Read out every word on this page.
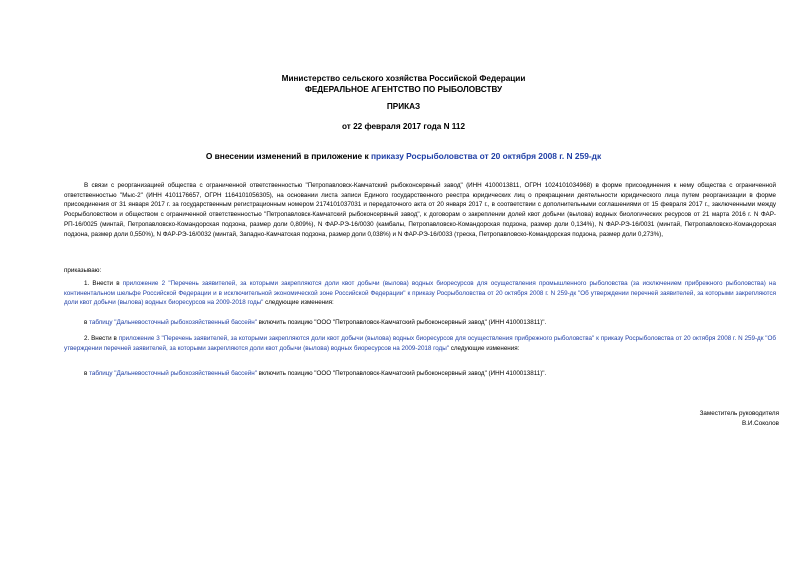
Министерство сельского хозяйства Российской Федерации
ФЕДЕРАЛЬНОЕ АГЕНТСТВО ПО РЫБОЛОВСТВУ
ПРИКАЗ
от 22 февраля 2017 года N 112
О внесении изменений в приложение к приказу Росрыболовства от 20 октября 2008 г. N 259-дк
В связи с реорганизацией общества с ограниченной ответственностью "Петропавловск-Камчатский рыбоконсервный завод" (ИНН 4100013811, ОГРН 1024101034968) в форме присоединения к нему общества с ограниченной ответственностью "Мыс-2" (ИНН 4101176657, ОГРН 1164101056305), на основании листа записи Единого государственного реестра юридических лиц о прекращении деятельности юридического лица путем реорганизации в форме присоединения от 31 января 2017 г. за государственным регистрационным номером 2174101037031 и передаточного акта от 20 января 2017 г., в соответствии с дополнительными соглашениями от 15 февраля 2017 г., заключенными между Росрыболовством и обществом с ограниченной ответственностью "Петропавловск-Камчатский рыбоконсервный завод", к договорам о закреплении долей квот добычи (вылова) водных биологических ресурсов от 21 марта 2016 г. N ФАР-РП-16/0025 (минтай, Петропавловско-Командорская подзона, размер доли 0,809%), N ФАР-РЭ-16/0030 (камбалы, Петропавловско-Командорская подзона, размер доли 0,134%), N ФАР-РЭ-16/0031 (минтай, Петропавловско-Командорская подзона, размер доли 0,550%), N ФАР-РЭ-16/0032 (минтай, Западно-Камчатская подзона, размер доли 0,038%) и N ФАР-РЭ-16/0033 (треска, Петропавловско-Командорская подзона, размер доли 0,273%),
приказываю:
1. Внести в приложение 2 "Перечень заявителей, за которыми закрепляются доли квот добычи (вылова) водных биоресурсов для осуществления промышленного рыболовства (за исключением прибрежного рыболовства) на континентальном шельфе Российской Федерации и в исключительной экономической зоне Российской Федерации" к приказу Росрыболовства от 20 октября 2008 г. N 259-дк "Об утверждении перечней заявителей, за которыми закрепляются доли квот добычи (вылова) водных биоресурсов на 2009-2018 годы" следующие изменения:
в таблицу "Дальневосточный рыбохозяйственный бассейн" включить позицию "ООО "Петропавловск-Камчатский рыбоконсервный завод" (ИНН 4100013811)".
2. Внести в приложение 3 "Перечень заявителей, за которыми закрепляются доли квот добычи (вылова) водных биоресурсов для осуществления прибрежного рыболовства" к приказу Росрыболовства от 20 октября 2008 г. N 259-дк "Об утверждении перечней заявителей, за которыми закрепляются доли квот добычи (вылова) водных биоресурсов на 2009-2018 годы" следующие изменения:
в таблицу "Дальневосточный рыбохозяйственный бассейн" включить позицию "ООО "Петропавловск-Камчатский рыбоконсервный завод" (ИНН 4100013811)".
Заместитель руководителя
В.И.Соколов
